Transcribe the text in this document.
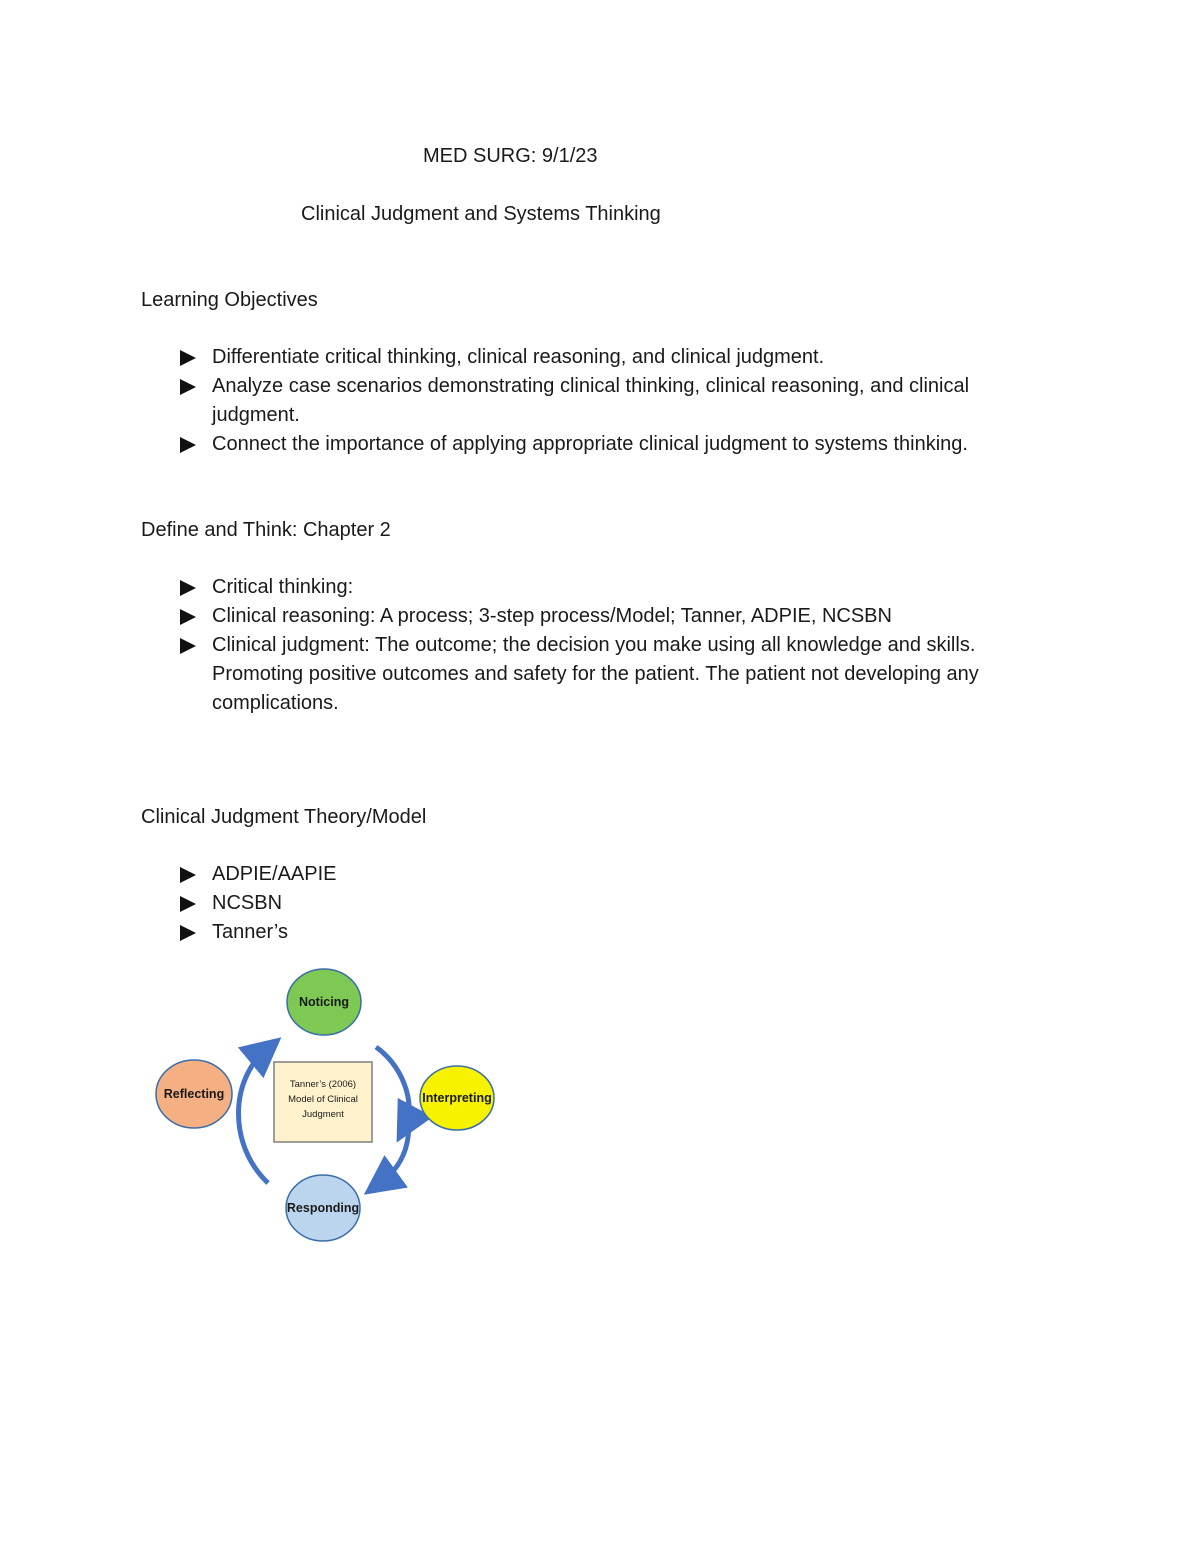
MED SURG: 9/1/23
Clinical Judgment and Systems Thinking
Learning Objectives
Differentiate critical thinking, clinical reasoning, and clinical judgment.
Analyze case scenarios demonstrating clinical thinking, clinical reasoning, and clinical judgment.
Connect the importance of applying appropriate clinical judgment to systems thinking.
Define and Think: Chapter 2
Critical thinking:
Clinical reasoning: A process; 3-step process/Model; Tanner, ADPIE, NCSBN
Clinical judgment: The outcome; the decision you make using all knowledge and skills. Promoting positive outcomes and safety for the patient. The patient not developing any complications.
Clinical Judgment Theory/Model
ADPIE/AAPIE
NCSBN
Tanner’s
Tanner’s (2006)
Model of Clinical
Judgment
Noticing
Interpreting
Responding
Reflecting
